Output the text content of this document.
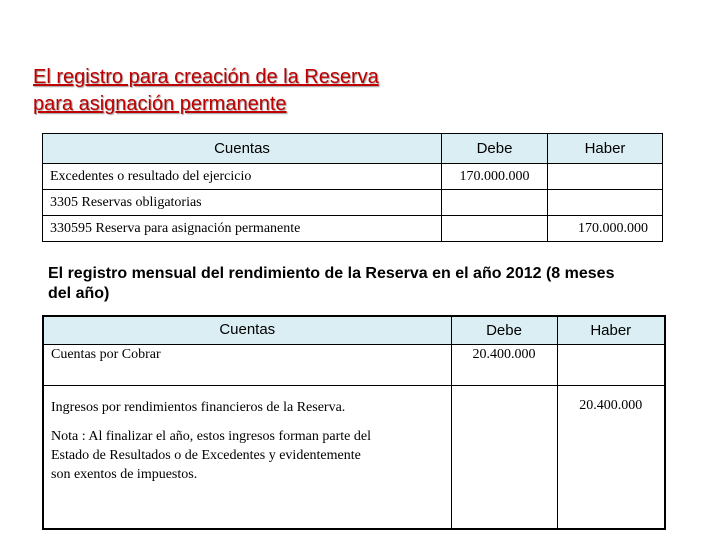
El registro para creación de la Reserva
para asignación permanente
Cuentas	Debe	Haber
Excedentes o resultado del ejercicio	170.000.000	
3305 Reservas obligatorias		
330595 Reserva para asignación permanente		170.000.000

El registro mensual del rendimiento de la Reserva en el año 2012 (8 meses
del año)

Cuentas	Debe	Haber
Cuentas por Cobrar	20.400.000	

Ingresos por rendimientos financieros de la Reserva.
Nota : Al finalizar el año, estos ingresos forman parte del
Estado de Resultados o de Excedentes y evidentemente
son exentos de impuestos.		20.400.000
